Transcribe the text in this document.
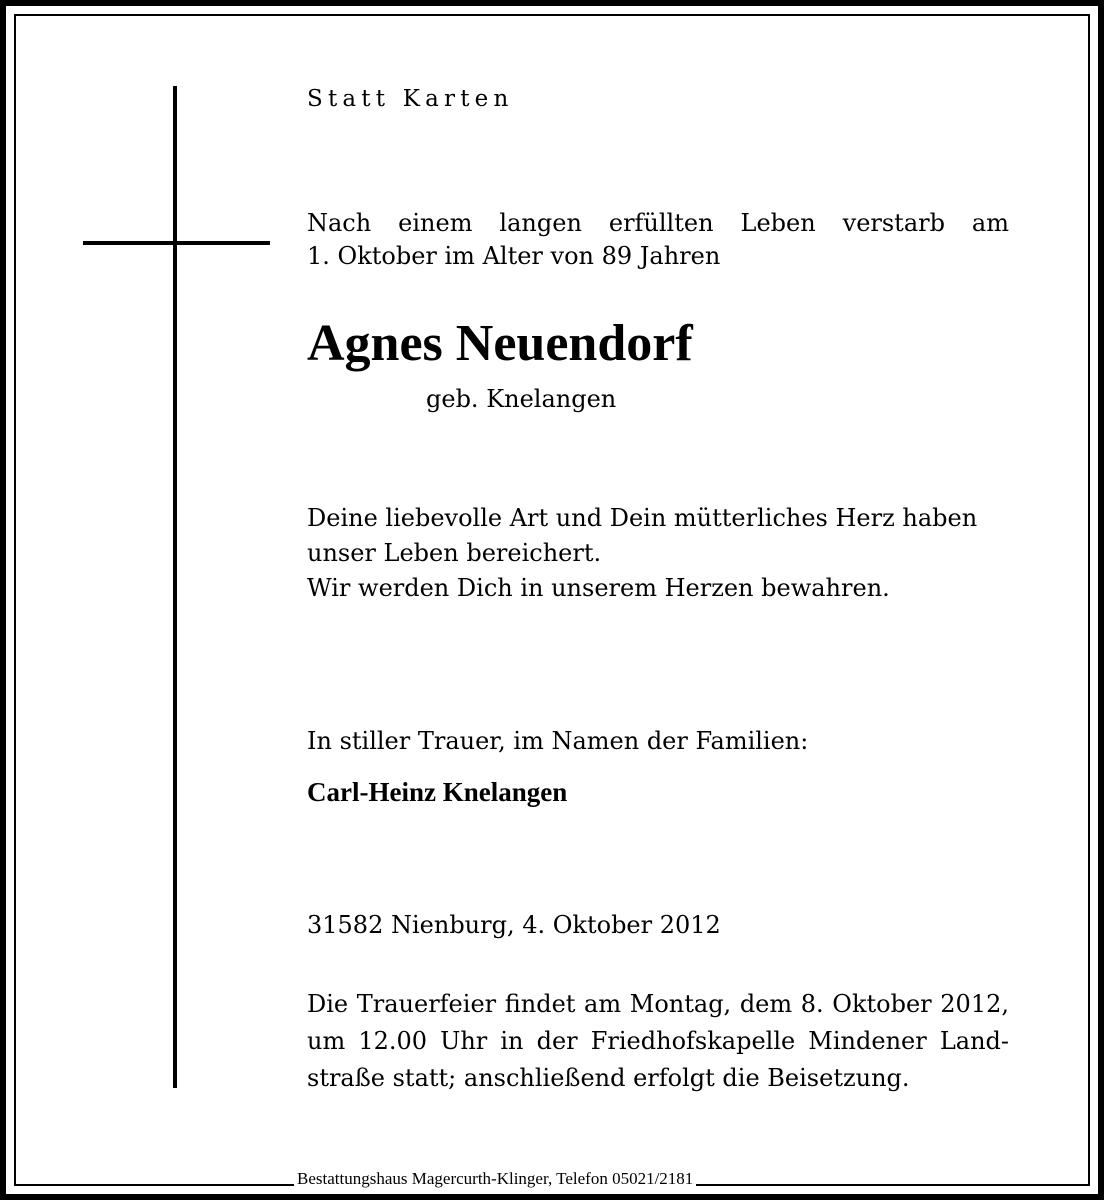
Statt Karten
Nach einem langen erfüllten Leben verstarb am
1. Oktober im Alter von 89 Jahren
Agnes Neuendorf
geb. Knelangen
Deine liebevolle Art und Dein mütterliches Herz haben
unser Leben bereichert.
Wir werden Dich in unserem Herzen bewahren.
In stiller Trauer, im Namen der Familien:
Carl-Heinz Knelangen
31582 Nienburg, 4. Oktober 2012
Die Trauerfeier findet am Montag, dem 8. Oktober 2012,
um 12.00 Uhr in der Friedhofskapelle Mindener Land-
straße statt; anschließend erfolgt die Beisetzung.
Bestattungshaus Magercurth-Klinger, Telefon 05021/2181
